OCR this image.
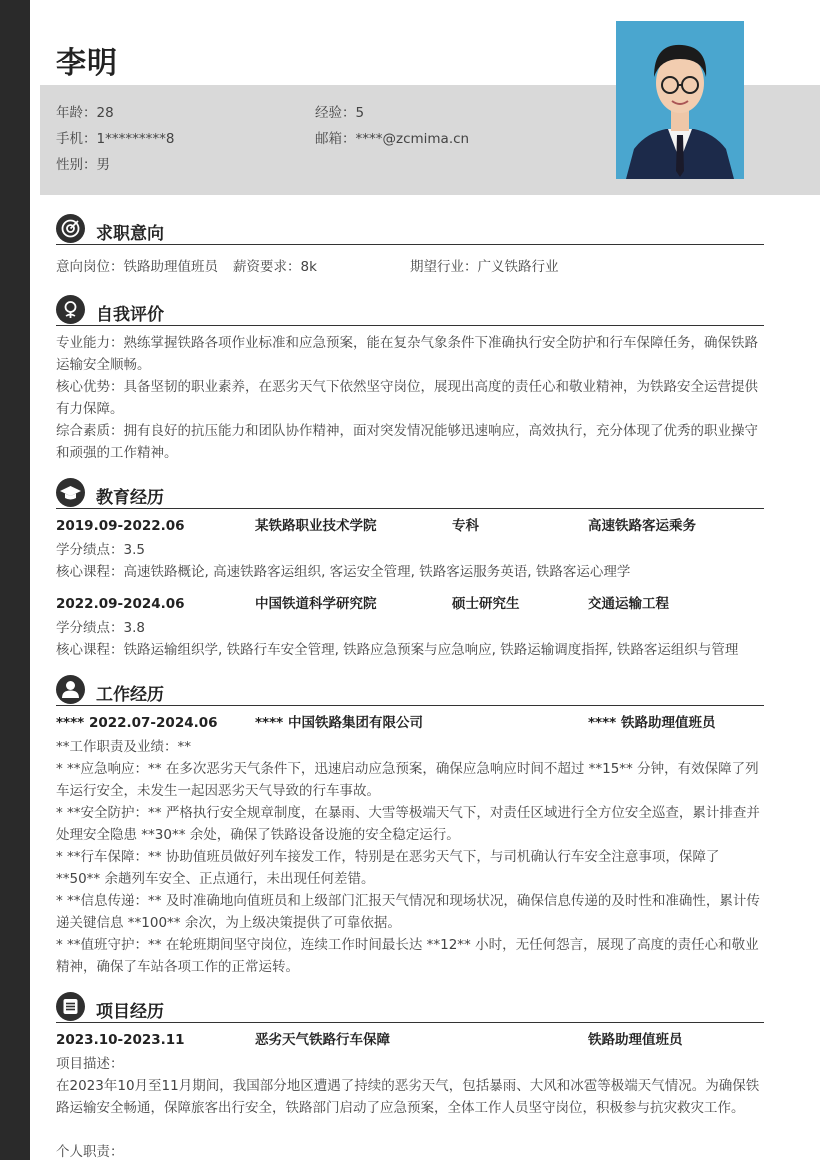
李明
年龄：28	经验：5
手机：1*********8	邮箱：****@zcmima.cn
性别：男
求职意向
意向岗位：铁路助理值班员 薪资要求：8k	期望行业：广义铁路行业
自我评价
专业能力：熟练掌握铁路各项作业标准和应急预案，能在复杂气象条件下准确执行安全防护和行车保障任务，确保铁路运输安全顺畅。
核心优势：具备坚韧的职业素养，在恶劣天气下依然坚守岗位，展现出高度的责任心和敬业精神，为铁路安全运营提供有力保障。
综合素质：拥有良好的抗压能力和团队协作精神，面对突发情况能够迅速响应，高效执行，充分体现了优秀的职业操守和顽强的工作精神。
教育经历
2019.09-2022.06	某铁路职业技术学院	专科	高速铁路客运乘务
学分绩点：3.5
核心课程：高速铁路概论, 高速铁路客运组织, 客运安全管理, 铁路客运服务英语, 铁路客运心理学
2022.09-2024.06	中国铁道科学研究院	硕士研究生	交通运输工程
学分绩点：3.8
核心课程：铁路运输组织学, 铁路行车安全管理, 铁路应急预案与应急响应, 铁路运输调度指挥, 铁路客运组织与管理
工作经历
**** 2022.07-2024.06	**** 中国铁路集团有限公司	**** 铁路助理值班员
**工作职责及业绩：**
* **应急响应：** 在多次恶劣天气条件下，迅速启动应急预案，确保应急响应时间不超过 **15** 分钟，有效保障了列车运行安全，未发生一起因恶劣天气导致的行车事故。
* **安全防护：** 严格执行安全规章制度，在暴雨、大雪等极端天气下，对责任区域进行全方位安全巡查，累计排查并处理安全隐患 **30** 余处，确保了铁路设备设施的安全稳定运行。
* **行车保障：** 协助值班员做好列车接发工作，特别是在恶劣天气下，与司机确认行车安全注意事项，保障了 **50** 余趟列车安全、正点通行，未出现任何差错。
* **信息传递：** 及时准确地向值班员和上级部门汇报天气情况和现场状况，确保信息传递的及时性和准确性，累计传递关键信息 **100** 余次，为上级决策提供了可靠依据。
* **值班守护：** 在轮班期间坚守岗位，连续工作时间最长达 **12** 小时，无任何怨言，展现了高度的责任心和敬业精神，确保了车站各项工作的正常运转。
项目经历
2023.10-2023.11	恶劣天气铁路行车保障	铁路助理值班员
项目描述：
在2023年10月至11月期间，我国部分地区遭遇了持续的恶劣天气，包括暴雨、大风和冰雹等极端天气情况。为确保铁路运输安全畅通，保障旅客出行安全，铁路部门启动了应急预案，全体工作人员坚守岗位，积极参与抗灾救灾工作。
个人职责：
